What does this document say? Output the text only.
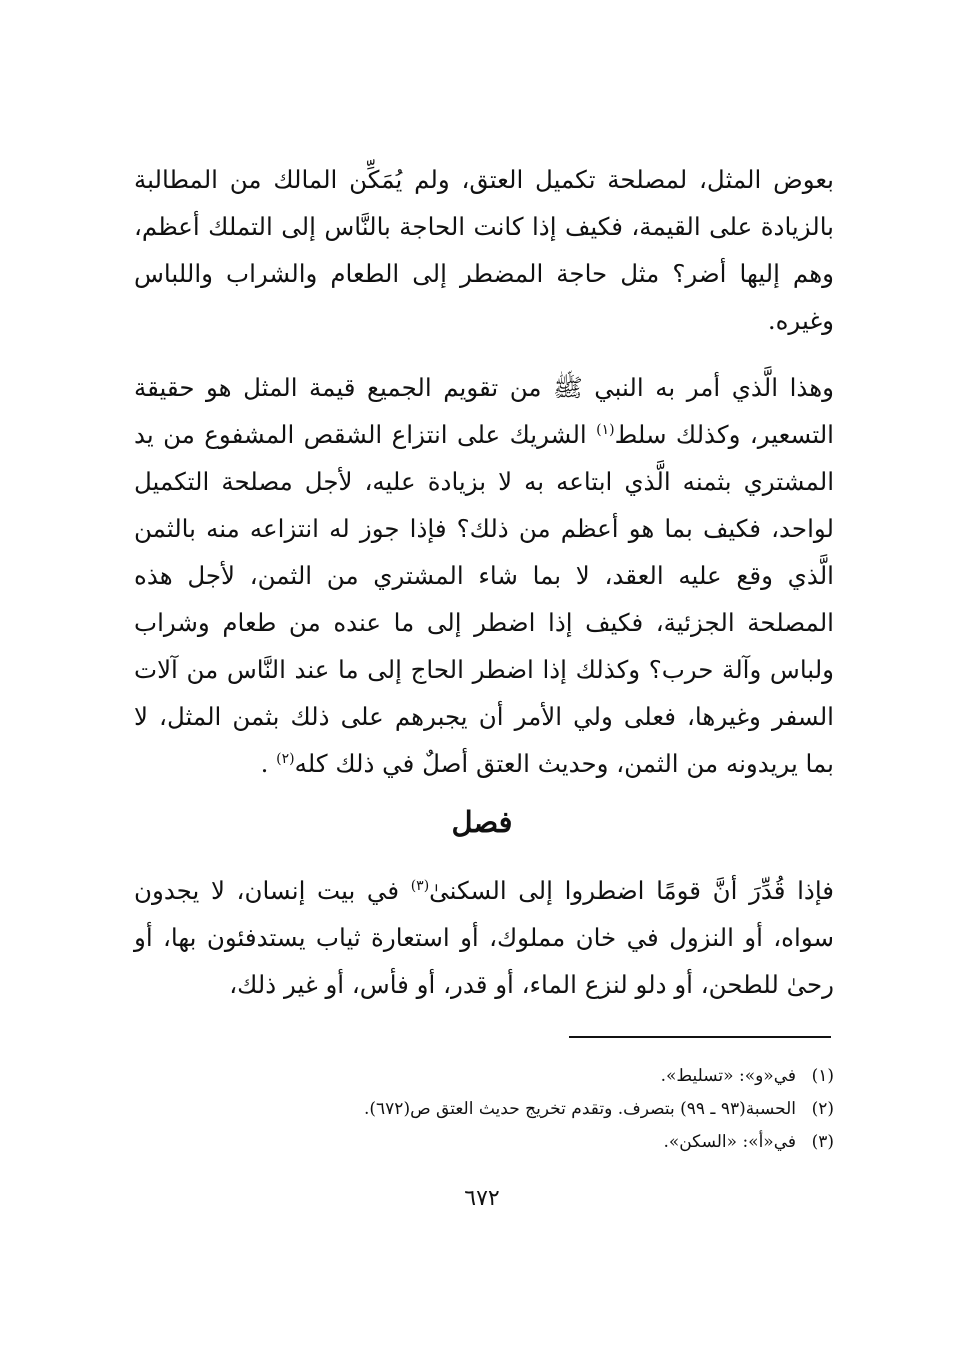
بعوض المثل، لمصلحة تكميل العتق، ولم يُمَكِّن المالك من المطالبة بالزيادة على القيمة، فكيف إذا كانت الحاجة بالنَّاس إلى التملك أعظم، وهم إليها أضر؟ مثل حاجة المضطر إلى الطعام والشراب واللباس وغيره.

وهذا الَّذي أمر به النبي ﷺ من تقويم الجميع قيمة المثل هو حقيقة التسعير، وكذلك سلط$^{(١)}$ الشريك على انتزاع الشقص المشفوع من يد المشتري بثمنه الَّذي ابتاعه به لا بزيادة عليه، لأجل مصلحة التكميل لواحد، فكيف بما هو أعظم من ذلك؟ فإذا جوز له انتزاعه منه بالثمن الَّذي وقع عليه العقد، لا بما شاء المشتري من الثمن، لأجل هذه المصلحة الجزئية، فكيف إذا اضطر إلى ما عنده من طعام وشراب ولباس وآلة حرب؟ وكذلك إذا اضطر الحاج إلى ما عند النَّاس من آلات السفر وغيرها، فعلى ولي الأمر أن يجبرهم على ذلك بثمن المثل، لا بما يريدونه من الثمن، وحديث العتق أصلٌ في ذلك كله$^{(٢)}$ .

فصل

فإذا قُدِّرَ أنَّ قومًا اضطروا إلى السكنىٰ$^{(٣)}$ في بيت إنسان، لا يجدون سواه، أو النزول في خان مملوك، أو استعارة ثياب يستدفئون بها، أو رحىٰ للطحن، أو دلو لنزع الماء، أو قدر، أو فأس، أو غير ذلك،

(١)في«و»: «تسليط».
(٢)الحسبة(٩٣ ـ ٩٩) بتصرف. وتقدم تخريج حديث العتق ص(٦٧٢).
(٣)في«أ»: «السكن».
٦٧٢
